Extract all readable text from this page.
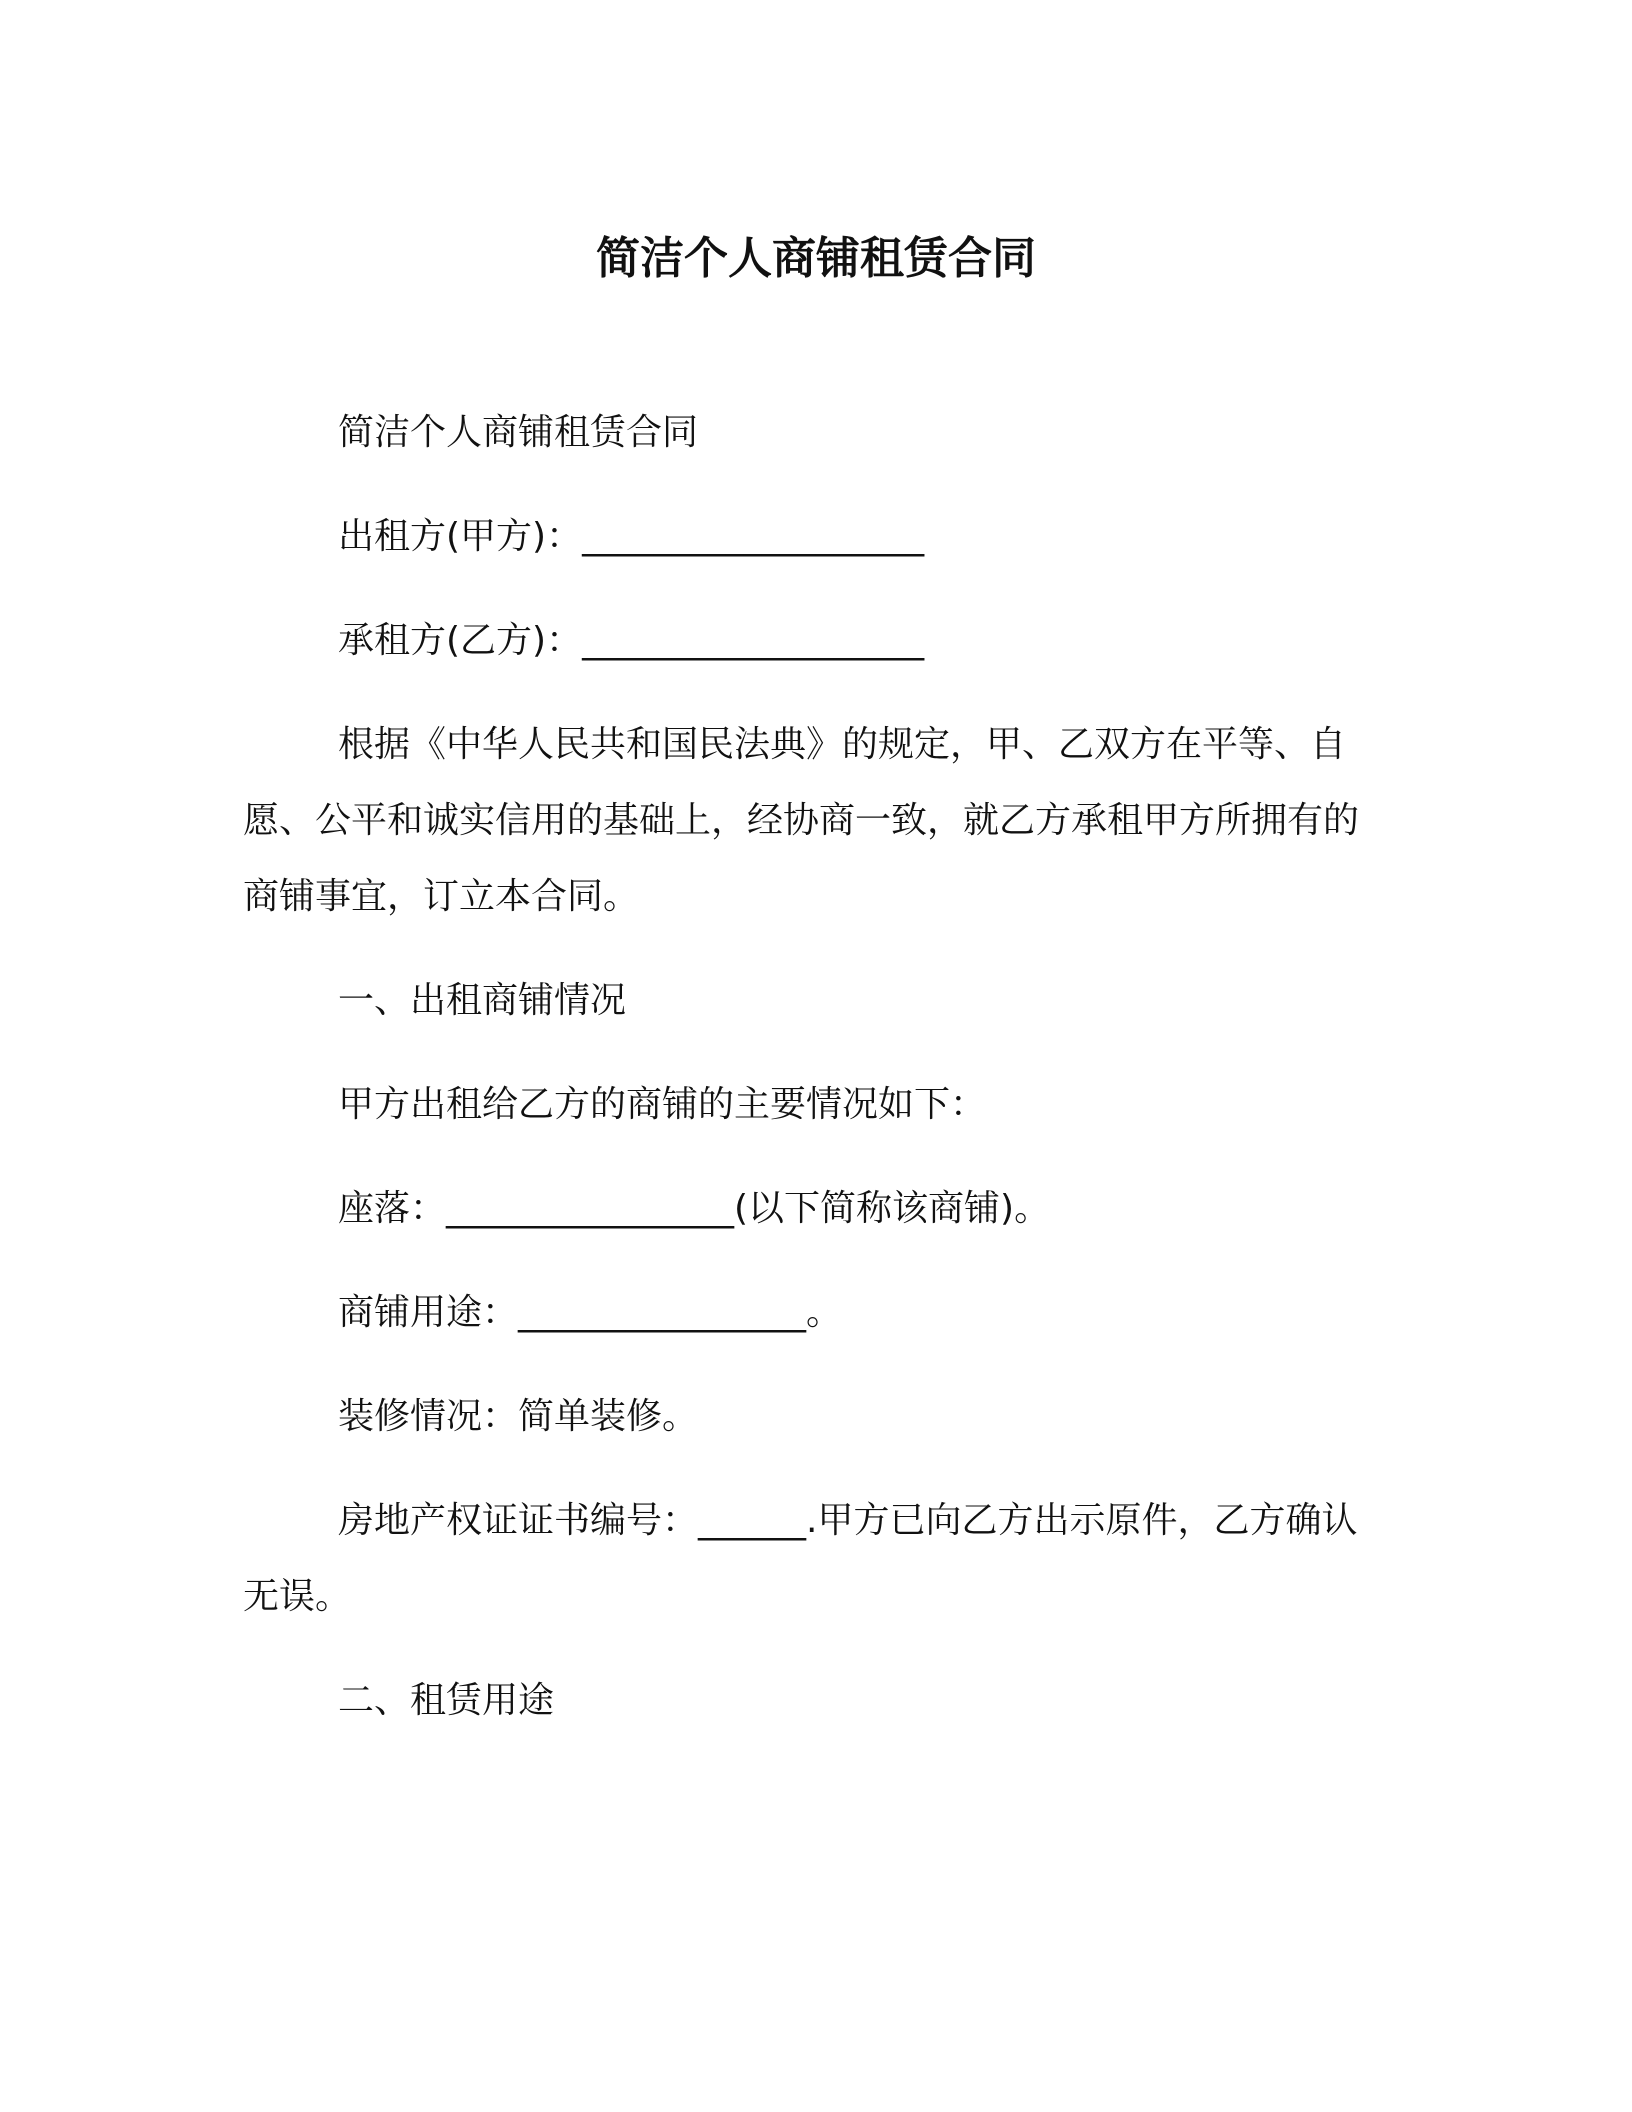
简洁个人商铺租赁合同

简洁个人商铺租赁合同

出租方(甲方)：___________________

承租方(乙方)：___________________

根据《中华人民共和国民法典》的规定，甲、乙双方在平等、自愿、公平和诚实信用的基础上，经协商一致，就乙方承租甲方所拥有的商铺事宜，订立本合同。

一、出租商铺情况

甲方出租给乙方的商铺的主要情况如下：

座落：________________(以下简称该商铺)。

商铺用途：________________。

装修情况：简单装修。

房地产权证证书编号：______.甲方已向乙方出示原件，乙方确认无误。

二、租赁用途
